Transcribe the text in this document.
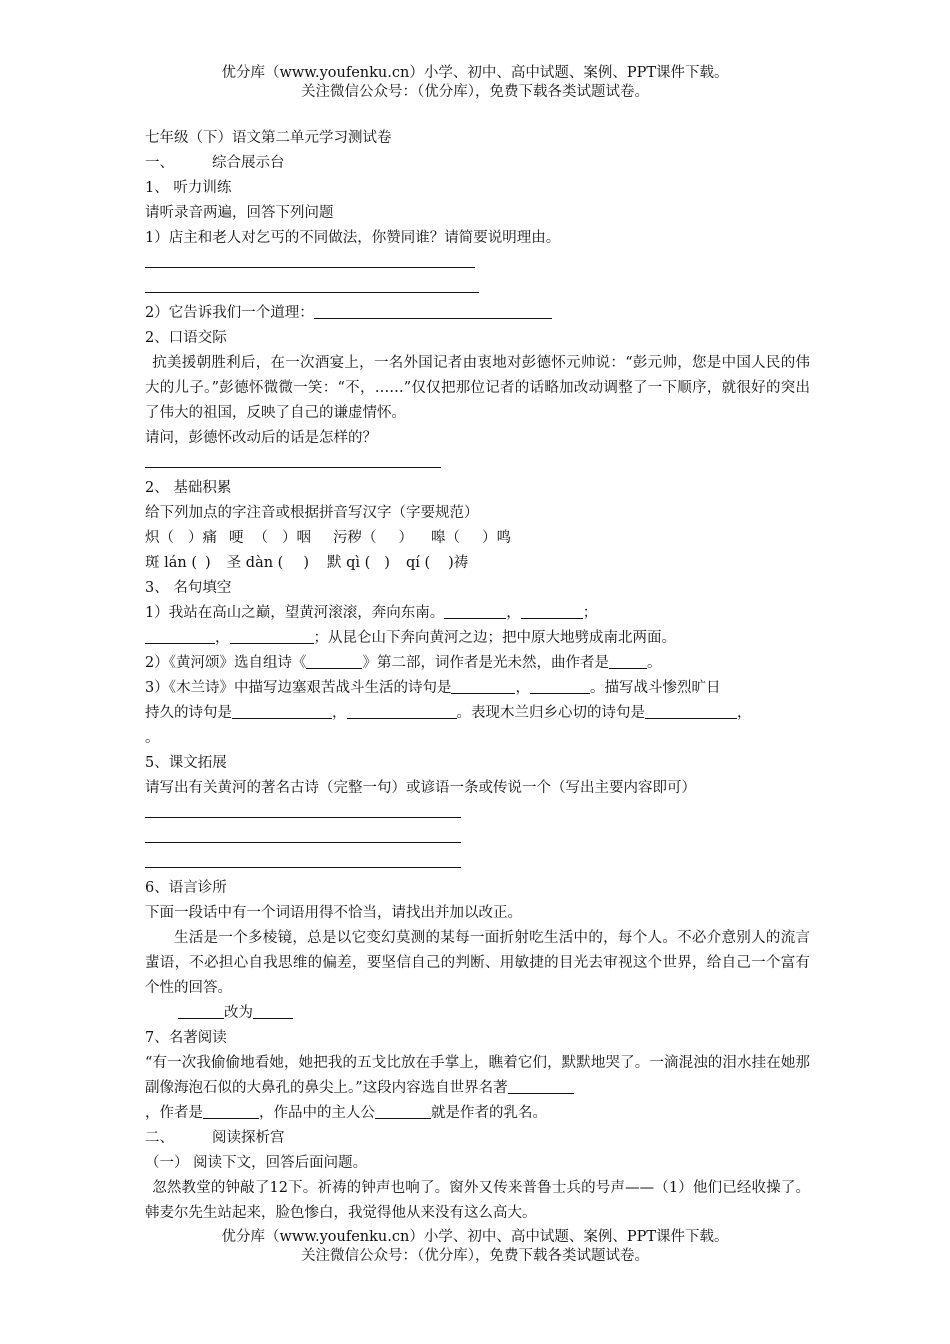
优分库（www.youfenku.cn）小学、初中、高中试题、案例、PPT课件下载。
关注微信公众号：（优分库），免费下载各类试题试卷。
七年级（下）语文第二单元学习测试卷
一、	综合展示台
1、 听力训练
请听录音两遍，回答下列问题
1）店主和老人对乞丐的不同做法，你赞同谁？请简要说明理由。
2）它告诉我们一个道理：
2、口语交际
抗美援朝胜利后，在一次酒宴上，一名外国记者由衷地对彭德怀元帅说：“彭元帅，您是中国人民的伟大的儿子。”彭德怀微微一笑：“不，……”仅仅把那位记者的话略加改动调整了一下顺序，就很好的突出了伟大的祖国，反映了自己的谦虚情怀。
请问，彭德怀改动后的话是怎样的？
2、 基础积累
给下列加点的字注音或根据拼音写汉字（字要规范）
炽（ ）痛 哽 （ ）咽 污秽（ ） 嗥（ ）鸣
斑 lán ( ) 圣 dàn ( ) 默 qì ( ) qí ( )祷
3、 名句填空
1）我站在高山之巅，望黄河滚滚，奔向东南。	，	；
，	；从昆仑山下奔向黄河之边；把中原大地劈成南北两面。
2）《黄河颂》选自组诗《	》第二部，词作者是光未然，曲作者是	。
3）《木兰诗》中描写边塞艰苦战斗生活的诗句是	，	。描写战斗惨烈旷日
持久的诗句是	，	。表现木兰归乡心切的诗句是	，
。
5、课文拓展
请写出有关黄河的著名古诗（完整一句）或谚语一条或传说一个（写出主要内容即可）
6、语言诊所
下面一段话中有一个词语用得不恰当，请找出并加以改正。
生活是一个多棱镜，总是以它变幻莫测的某每一面折射吃生活中的，每个人。不必介意别人的流言蜚语，不必担心自我思维的偏差，要坚信自己的判断、用敏捷的目光去审视这个世界，给自己一个富有个性的回答。
改为
7、名著阅读
“有一次我偷偷地看她，她把我的五戈比放在手掌上，瞧着它们，默默地哭了。一滴混浊的泪水挂在她那副像海泡石似的大鼻孔的鼻尖上。”这段内容选自世界名著
，作者是	，作品中的主人公	就是作者的乳名。
二、	阅读探析宫
（一） 阅读下文，回答后面问题。
忽然教堂的钟敲了12下。祈祷的钟声也响了。窗外又传来普鲁士兵的号声——（1）他们已经收操了。韩麦尔先生站起来，脸色惨白，我觉得他从来没有这么高大。
优分库（www.youfenku.cn）小学、初中、高中试题、案例、PPT课件下载。
关注微信公众号：（优分库），免费下载各类试题试卷。
